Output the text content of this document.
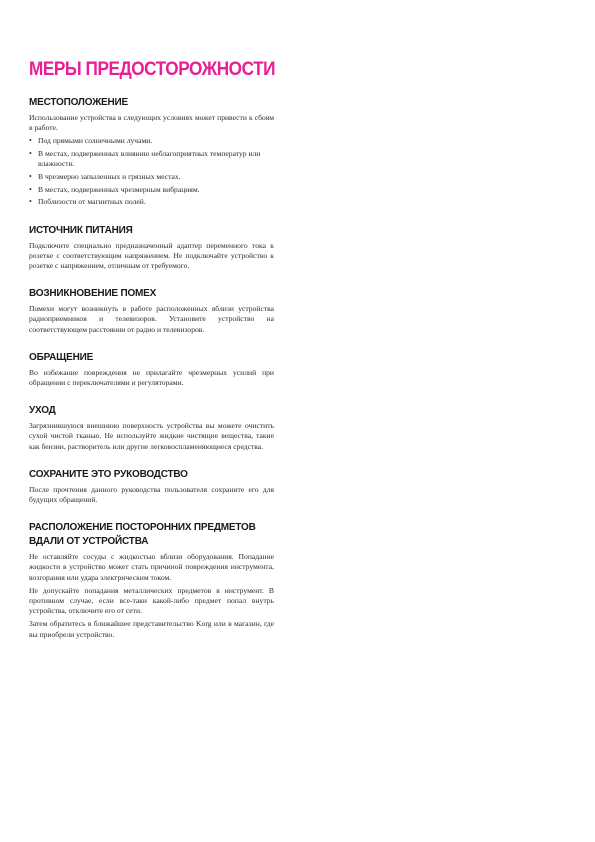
МЕРЫ ПРЕДОСТОРОЖНОСТИ
МЕСТОПОЛОЖЕНИЕ

Использование устройства в следующих условиях может привести к сбоям в работе.

• Под прямыми солнечными лучами.
• В местах, подверженных влиянию неблагоприятных температур или влажности.
• В чрезмерно запыленных и грязных местах.
• В местах, подверженных чрезмерным вибрациям.
• Поблизости от магнитных полей.
ИСТОЧНИК ПИТАНИЯ

Подключите специально предназначенный адаптер переменного тока к розетке с соответствующим напряжением. Не подключайте устройство к розетке с напряжением, отличным от требуемого.

ВОЗНИКНОВЕНИЕ ПОМЕХ

Помехи могут возникнуть в работе расположенных вблизи устройства радиоприемников и телевизоров. Установите устройство на соответствующем расстоянии от радио и телевизоров.

ОБРАЩЕНИЕ

Во избежание повреждения не прилагайте чрезмерных усилий при обращении с переключателями и регуляторами.

УХОД

Загрязнившуюся внешнюю поверхность устройства вы можете очистить сухой чистой тканью. Не используйте жидкие чистящие вещества, такие как бензин, растворитель или другие легковоспламеняющиеся средства.

СОХРАНИТЕ ЭТО РУКОВОДСТВО

После прочтения данного руководства пользователя сохраните его для будущих обращений.

РАСПОЛОЖЕНИЕ ПОСТОРОННИХ ПРЕДМЕТОВ ВДАЛИ ОТ УСТРОЙСТВА

Не оставляйте сосуды с жидкостью вблизи оборудования. Попадание жидкости в устройство может стать причиной повреждения инструмента, возгорания или удара электрическим током.

Не допускайте попадания металлических предметов в инструмент. В противном случае, если все-таки какой-либо предмет попал внутрь устройства, отключите его от сети.

Затем обратитесь в ближайшее представительство Korg или в магазин, где вы приобрели устройство.
